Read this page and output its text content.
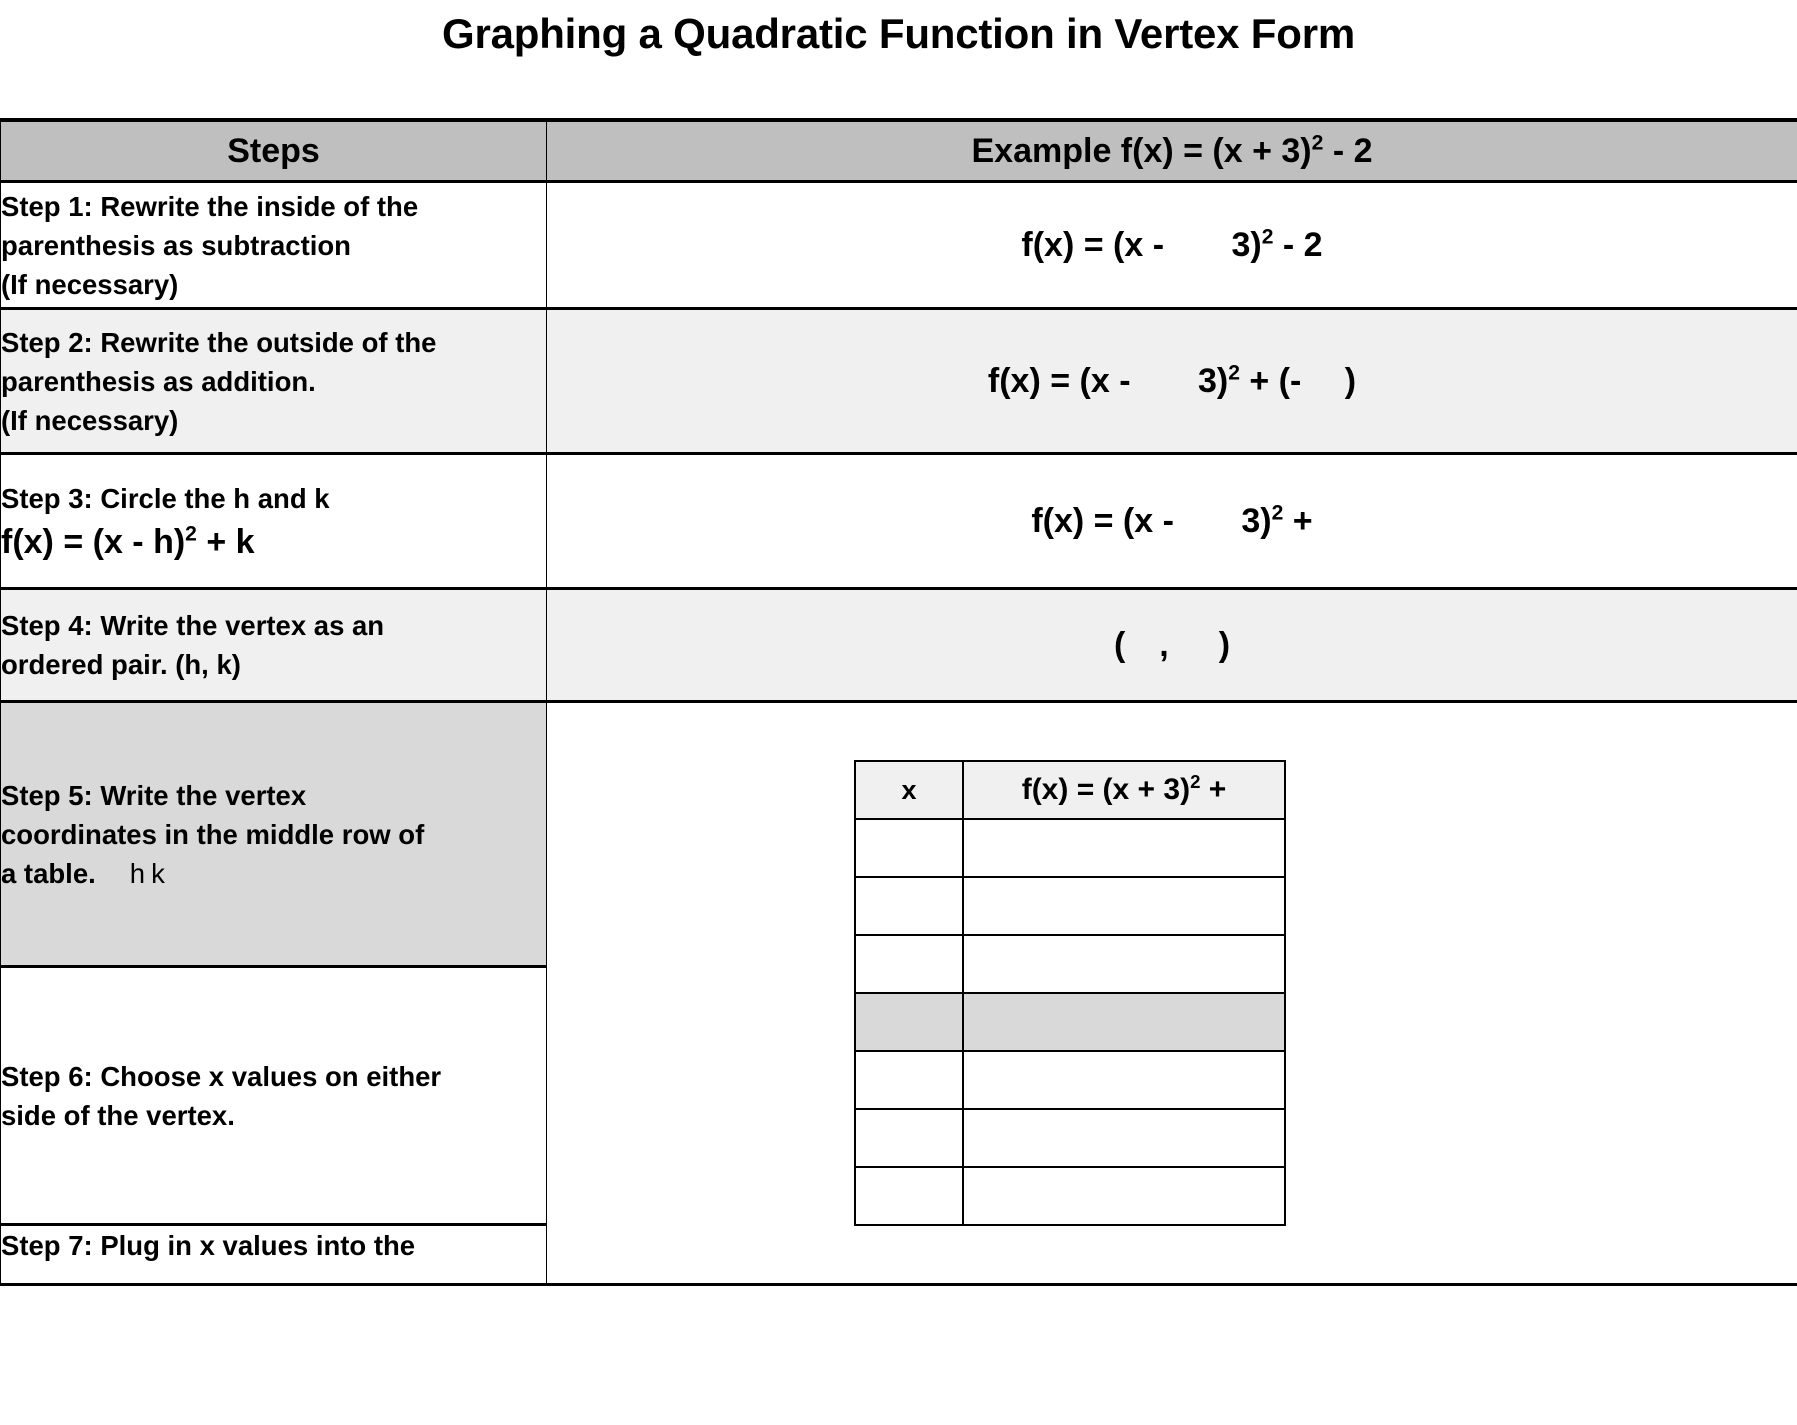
Graphing a Quadratic Function in Vertex Form
Steps	Example $f(x) = (x + 3)^2 - 2$

Step 1: Rewrite the inside of the
parenthesis as subtraction
(If necessary)
	f(x) = (x - 3)$^2$ - 2

Step 2: Rewrite the outside of the
parenthesis as addition.
(If necessary)
	f(x) = (x - 3)$^2$ + (- )

Step 3: Circle the h and k
f(x) = (x - h)$^2$ + k
	f(x) = (x - 3)$^2$ +

Step 4: Write the vertex as an
ordered pair. (h, k)
	( , )

Step 5: Write the vertex
coordinates in the middle row of
a table. hk

x	$f(x) = (x + 3)^2$ +

Step 6: Choose x values on either
side of the vertex.

Step 7: Plug in x values into the
